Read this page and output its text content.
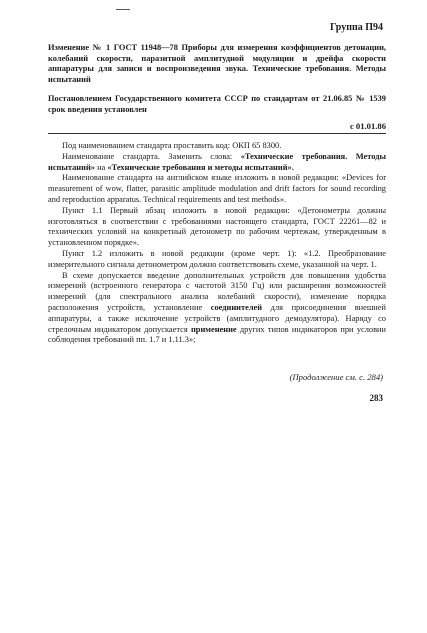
Группа П94
Изменение № 1 ГОСТ 11948—78 Приборы для измерения коэффициентов детонации, колебаний скорости, паразитной амплитудной модуляции и дрейфа скорости аппаратуры для записи и воспроизведения звука. Технические требования. Методы испытаний
Постановлением Государственного комитета СССР по стандартам от 21.06.85 № 1539 срок введения установлен
с 01.01.86

Под наименованием стандарта проставить код: ОКП 65 8300.

Наименование стандарта. Заменить слова: «Технические требования. Методы испытаний» на «Технические требования и методы испытаний».

Наименование стандарта на английском языке изложить в новой редакции: «Devices for measurement of wow, flatter, parasitic amplitude modulation and drift factors for sound recording and reproduction apparatus. Technical requirements and test methods».

Пункт 1.1 Первый абзац изложить в новой редакции: «Детонометры должны изготовляться в соответствии с требованиями настоящего стандарта, ГОСТ 22261—82 и технических условий на конкретный детонометр по рабочим чертежам, утвержденным в установленном порядке».

Пункт 1.2 изложить в новой редакции (кроме черт. 1): «1.2. Преобразование измерительного сигнала детонометром должно соответствовать схеме, указанной на черт. 1.

В схеме допускается введение дополнительных устройств для повышения удобства измерений (встроенного генератора с частотой 3150 Гц) или расширения возможностей измерений (для спектрального анализа колебаний скорости), изменение порядка расположения устройств, установление соединителей для присоединения внешней аппаратуры, а также исключение устройств (амплитудного демодулятора). Наряду со стрелочным индикатором допускается применение других типов индикаторов при условии соблюдения требований пп. 1.7 и 1.11.3»;

(Продолжение см. с. 284)
283
